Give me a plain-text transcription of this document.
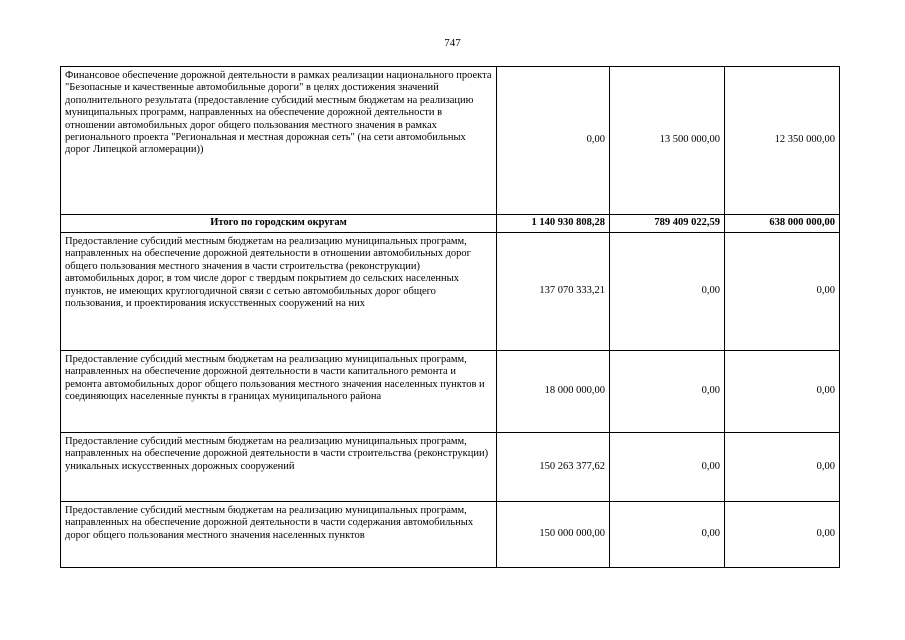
747
Финансовое обеспечение дорожной деятельности в рамках реализации национального проекта "Безопасные и качественные автомобильные дороги" в целях достижения значений дополнительного результата (предоставление субсидий местным бюджетам на реализацию муниципальных программ, направленных на обеспечение дорожной деятельности в отношении автомобильных дорог общего пользования местного значения в рамках регионального проекта "Региональная и местная дорожная сеть" (на сети автомобильных дорог Липецкой агломерации))	0,00	13 500 000,00	12 350 000,00
Итого по городским округам	1 140 930 808,28	789 409 022,59	638 000 000,00
Предоставление субсидий местным бюджетам на реализацию муниципальных программ, направленных на обеспечение дорожной деятельности в отношении автомобильных дорог общего пользования местного значения в части строительства (реконструкции) автомобильных дорог, в том числе дорог с твердым покрытием до сельских населенных пунктов, не имеющих круглогодичной связи с сетью автомобильных дорог общего пользования, и проектирования искусственных сооружений на них	137 070 333,21	0,00	0,00
Предоставление субсидий местным бюджетам на реализацию муниципальных программ, направленных на обеспечение дорожной деятельности в части капитального ремонта и ремонта автомобильных дорог общего пользования местного значения населенных пунктов и соединяющих населенные пункты в границах муниципального района	18 000 000,00	0,00	0,00
Предоставление субсидий местным бюджетам на реализацию муниципальных программ, направленных на обеспечение дорожной деятельности в части строительства (реконструкции) уникальных искусственных дорожных сооружений	150 263 377,62	0,00	0,00
Предоставление субсидий местным бюджетам на реализацию муниципальных программ, направленных на обеспечение дорожной деятельности в части содержания автомобильных дорог общего пользования местного значения населенных пунктов	150 000 000,00	0,00	0,00
